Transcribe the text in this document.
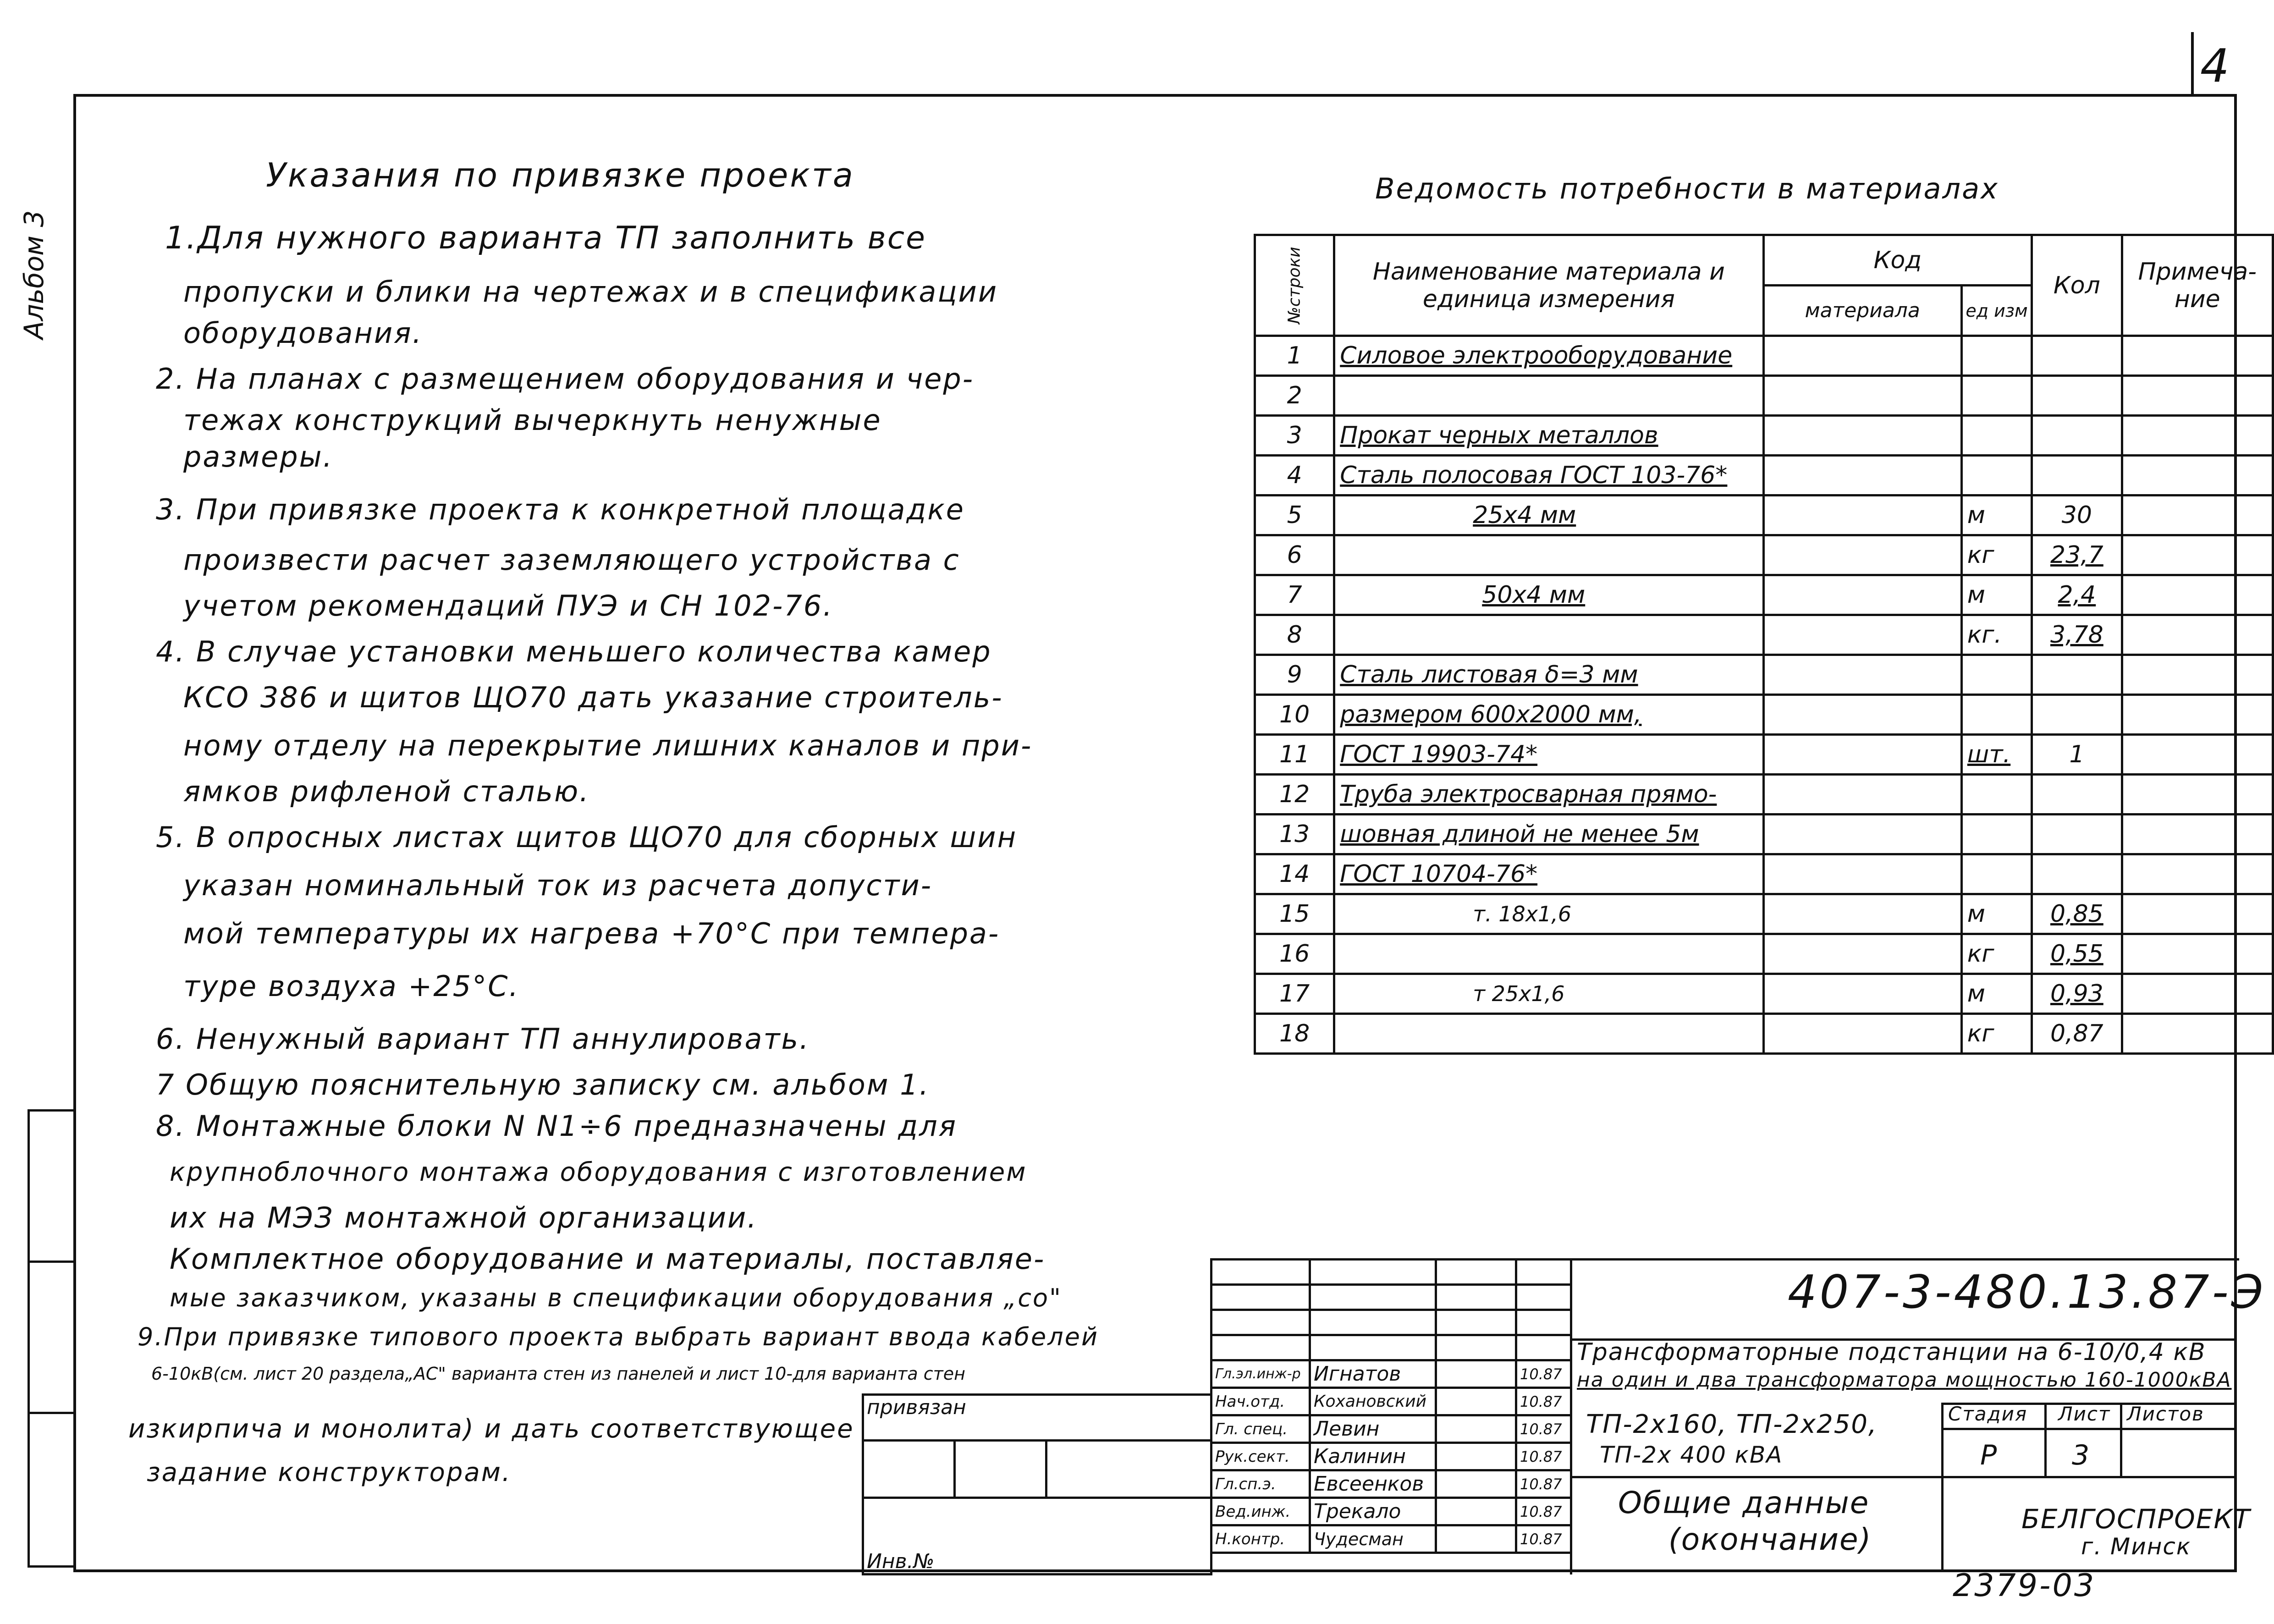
4
Альбом 3
Указания по привязке проекта
1.Для нужного варианта ТП заполнить все
пропуски и блики на чертежах и в спецификации
оборудования.
2. На планах с размещением оборудования и чер-
тежах конструкций вычеркнуть ненужные
размеры.
3. При привязке проекта к конкретной площадке
произвести расчет заземляющего устройства с
учетом рекомендаций ПУЭ и СН 102-76.
4. В случае установки меньшего количества камер
КСО 386 и щитов ЩО70 дать указание строитель-
ному отделу на перекрытие лишних каналов и при-
ямков рифленой сталью.
5. В опросных листах щитов ЩО70 для сборных шин
указан номинальный ток из расчета допусти-
мой температуры их нагрева +70°С при темпера-
туре воздуха +25°С.
6. Ненужный вариант ТП аннулировать.
7 Общую пояснительную записку см. альбом 1.
8. Монтажные блоки N N1÷6 предназначены для
крупноблочного монтажа оборудования с изготовлением
их на МЭЗ монтажной организации.
Комплектное оборудование и материалы, поставляе-
мые заказчиком, указаны в спецификации оборудования „со"
9.При привязке типового проекта выбрать вариант ввода кабелей
6-10кВ(см. лист 20 раздела„АС" варианта стен из панелей и лист 10-для варианта стен
изкирпича и монолита) и дать соответствующее
задание конструкторам.
Ведомость потребности в материалах
№строки	Наименование материала и единица измерения	Код		Кол	Примеча-ние
		материала	ед изм		
1	Силовое электрооборудование				
2					
3	Прокат черных металлов				
4	Сталь полосовая ГОСТ 103-76*				
5	25х4 мм		м	30	
6			кг	23,7	
7	50х4 мм		м	2,4	
8			кг.	3,78	
9	Сталь листовая δ=3 мм				
10	размером 600х2000 мм,				
11	ГОСТ 19903-74*		шт.	1	
12	Труба электросварная прямо-				
13	шовная длиной не менее 5м				
14	ГОСТ 10704-76*				
15	т. 18х1,6		м	0,85	
16			кг	0,55	
17	т 25х1,6		м	0,93	
18			кг	0,87	

Гл.эл.инж-р	Игнатов		10.87
Нач.отд.	Кохановский		10.87
Гл. спец.	Левин		10.87
Рук.сект.	Калинин		10.87
Гл.сп.э.	Евсеенков		10.87
Вед.инж.	Трекало		10.87
Н.контр.	Чудесман		10.87
привязан

Инв.№
407-3-480.13.87-Э
Трансформаторные подстанции на 6-10/0,4 кВ
на один и два трансформатора мощностью 160-1000кВА
ТП-2х160, ТП-2х250,
ТП-2х 400 кВА
Стадия Лист Листов
Р	3
Общие данные
(окончание)
БЕЛГОСПРОЕКТ
г. Минск
2379-03
